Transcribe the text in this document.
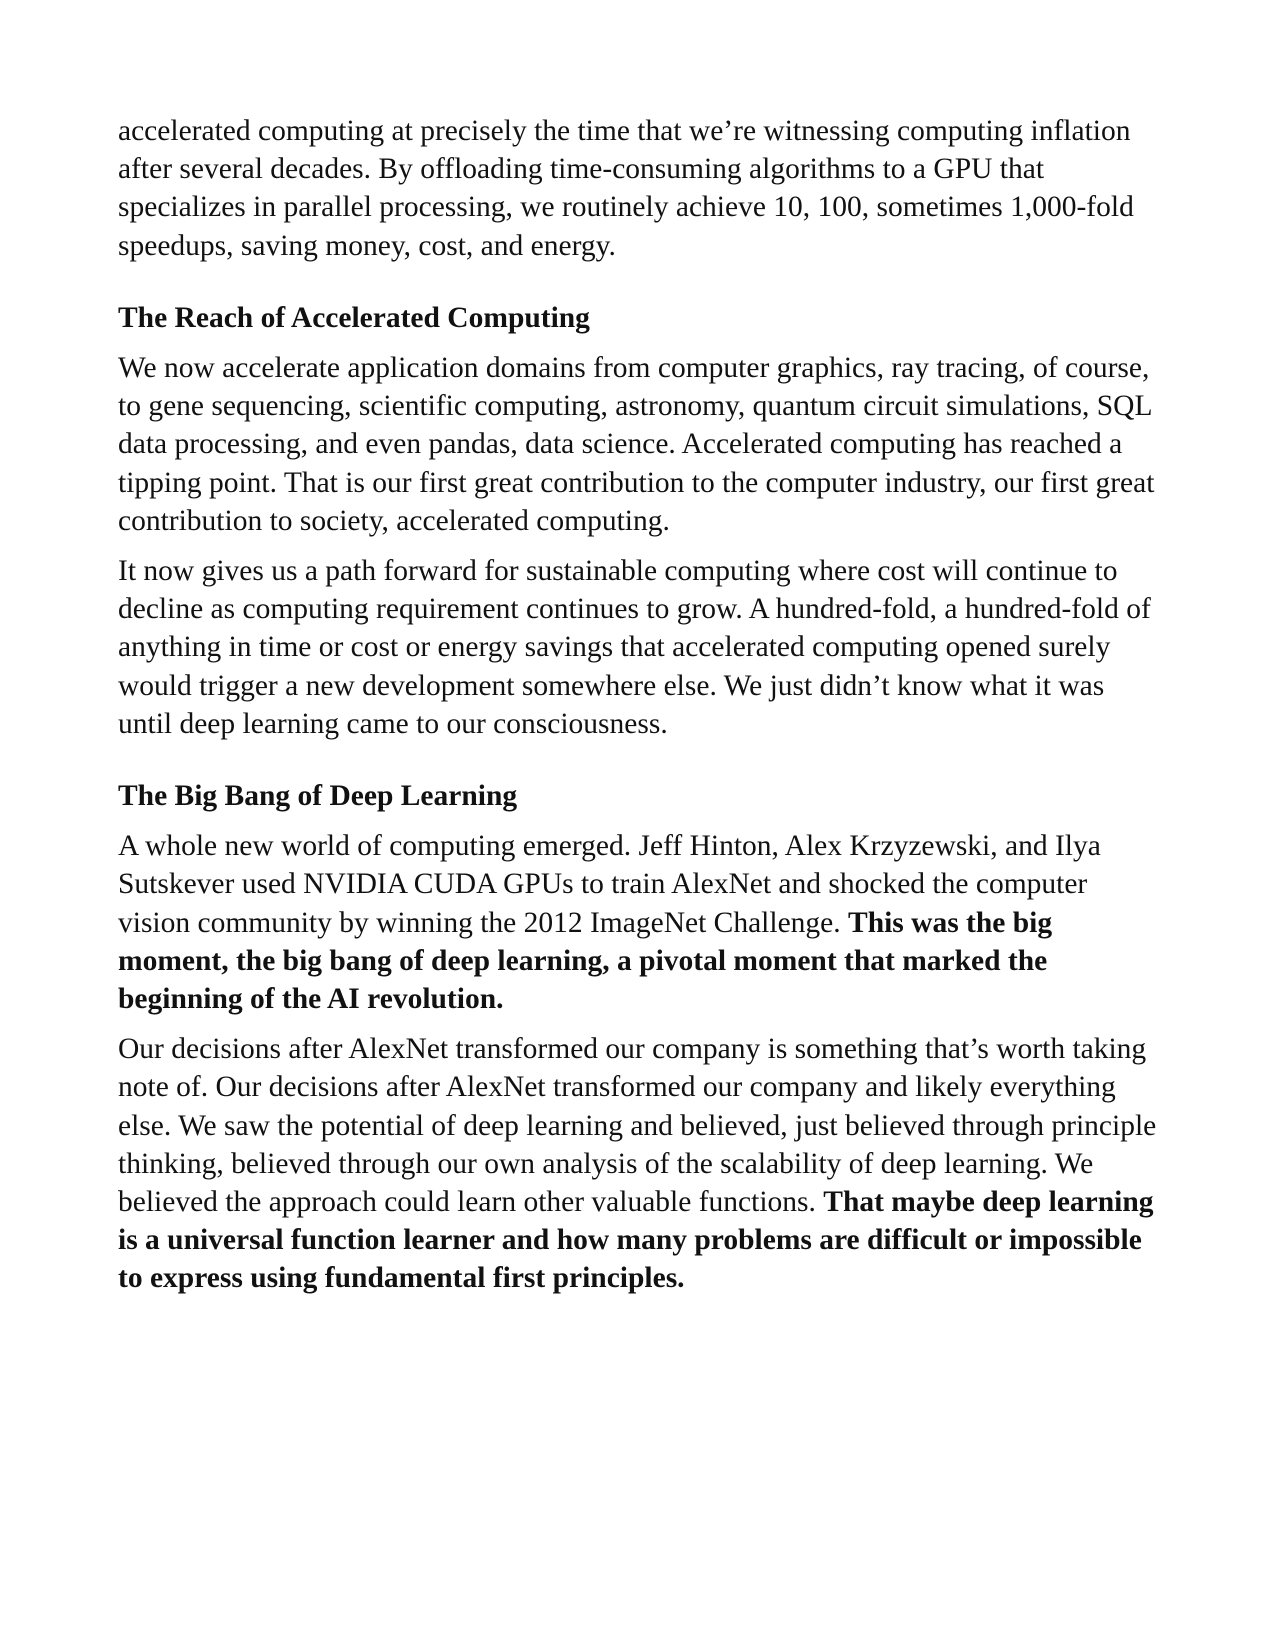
accelerated computing at precisely the time that we’re witnessing computing inflation after several decades. By offloading time-consuming algorithms to a GPU that specializes in parallel processing, we routinely achieve 10, 100, sometimes 1,000-fold speedups, saving money, cost, and energy.

The Reach of Accelerated Computing

We now accelerate application domains from computer graphics, ray tracing, of course, to gene sequencing, scientific computing, astronomy, quantum circuit simulations, SQL data processing, and even pandas, data science. Accelerated computing has reached a tipping point. That is our first great contribution to the computer industry, our first great contribution to society, accelerated computing.

It now gives us a path forward for sustainable computing where cost will continue to decline as computing requirement continues to grow. A hundred-fold, a hundred-fold of anything in time or cost or energy savings that accelerated computing opened surely would trigger a new development somewhere else. We just didn’t know what it was until deep learning came to our consciousness.

The Big Bang of Deep Learning

A whole new world of computing emerged. Jeff Hinton, Alex Krzyzewski, and Ilya Sutskever used NVIDIA CUDA GPUs to train AlexNet and shocked the computer vision community by winning the 2012 ImageNet Challenge. This was the big moment, the big bang of deep learning, a pivotal moment that marked the beginning of the AI revolution.

Our decisions after AlexNet transformed our company is something that’s worth taking note of. Our decisions after AlexNet transformed our company and likely everything else. We saw the potential of deep learning and believed, just believed through principle thinking, believed through our own analysis of the scalability of deep learning. We believed the approach could learn other valuable functions. That maybe deep learning is a universal function learner and how many problems are difficult or impossible to express using fundamental first principles.
